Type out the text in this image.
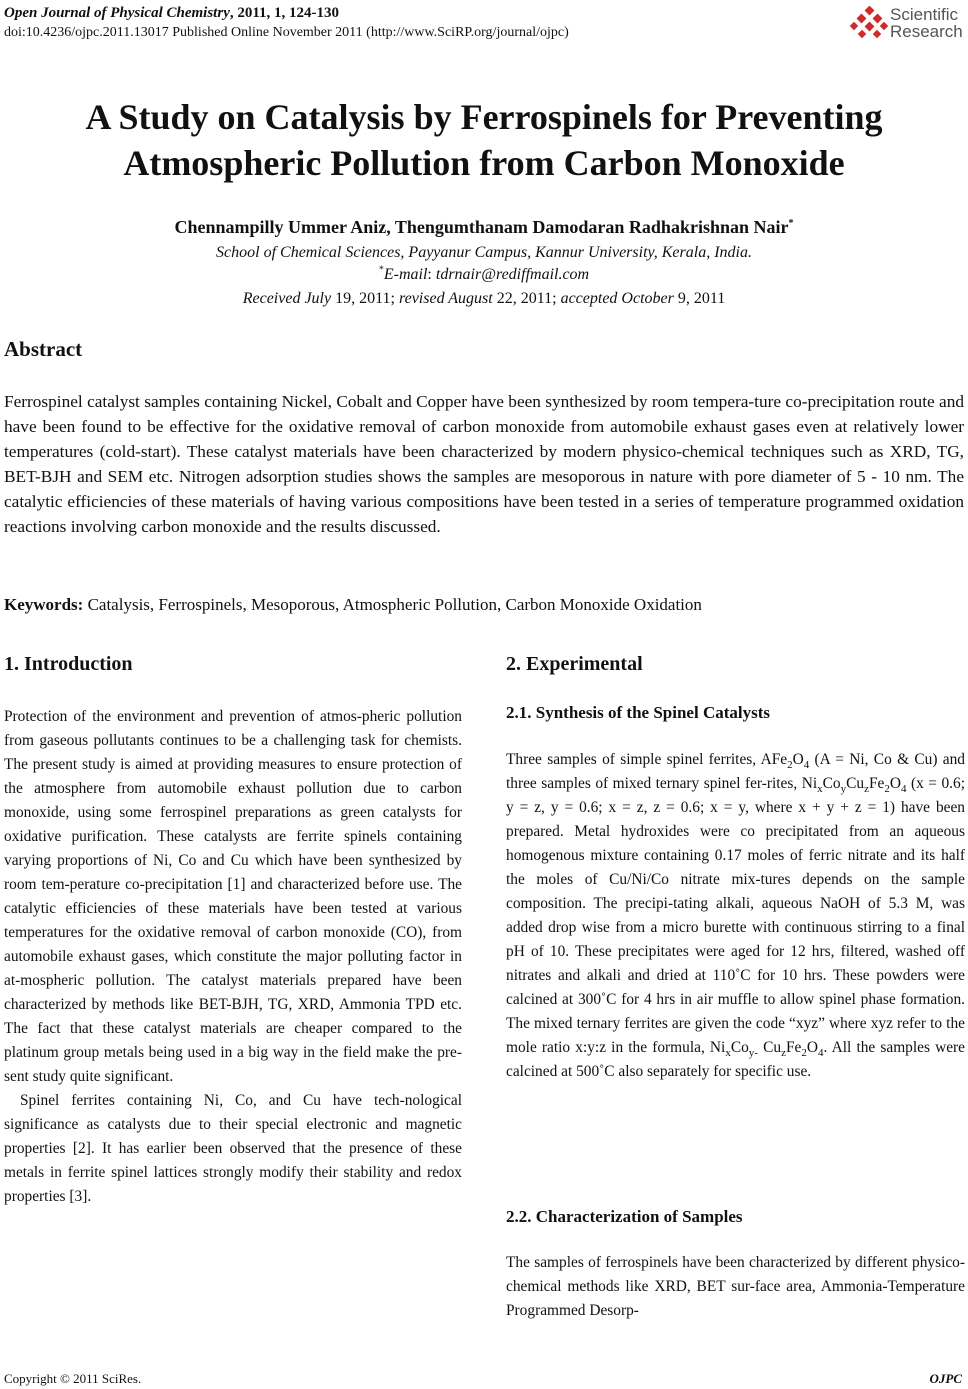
Open Journal of Physical Chemistry, 2011, 1, 124-130
doi:10.4236/ojpc.2011.13017 Published Online November 2011 (http://www.SciRP.org/journal/ojpc)
Scientific
Research
A Study on Catalysis by Ferrospinels for Preventing
Atmospheric Pollution from Carbon Monoxide
Chennampilly Ummer Aniz, Thengumthanam Damodaran Radhakrishnan Nair*
School of Chemical Sciences, Payyanur Campus, Kannur University, Kerala, India.
*E-mail: tdrnair@rediffmail.com
Received July 19, 2011; revised August 22, 2011; accepted October 9, 2011
Abstract
Ferrospinel catalyst samples containing Nickel, Cobalt and Copper have been synthesized by room tempera-ture co-precipitation route and have been found to be effective for the oxidative removal of carbon monoxide from automobile exhaust gases even at relatively lower temperatures (cold-start). These catalyst materials have been characterized by modern physico-chemical techniques such as XRD, TG, BET-BJH and SEM etc. Nitrogen adsorption studies shows the samples are mesoporous in nature with pore diameter of 5 - 10 nm. The catalytic efficiencies of these materials of having various compositions have been tested in a series of temperature programmed oxidation reactions involving carbon monoxide and the results discussed.
Keywords: Catalysis, Ferrospinels, Mesoporous, Atmospheric Pollution, Carbon Monoxide Oxidation
1. Introduction

Protection of the environment and prevention of atmos-pheric pollution from gaseous pollutants continues to be a challenging task for chemists. The present study is aimed at providing measures to ensure protection of the atmosphere from automobile exhaust pollution due to carbon monoxide, using some ferrospinel preparations as green catalysts for oxidative purification. These catalysts are ferrite spinels containing varying proportions of Ni, Co and Cu which have been synthesized by room tem-perature co-precipitation [1] and characterized before use. The catalytic efficiencies of these materials have been tested at various temperatures for the oxidative removal of carbon monoxide (CO), from automobile exhaust gases, which constitute the major polluting factor in at-mospheric pollution. The catalyst materials prepared have been characterized by methods like BET-BJH, TG, XRD, Ammonia TPD etc. The fact that these catalyst materials are cheaper compared to the platinum group metals being used in a big way in the field make the pre-sent study quite significant.

Spinel ferrites containing Ni, Co, and Cu have tech-nological significance as catalysts due to their special electronic and magnetic properties [2]. It has earlier been observed that the presence of these metals in ferrite spinel lattices strongly modify their stability and redox properties [3].

2. Experimental
2.1. Synthesis of the Spinel Catalysts
Three samples of simple spinel ferrites, $AFe_2O_4$ (A = Ni, Co & Cu) and three samples of mixed ternary spinel fer-rites, $Ni_xCo_yCu_zFe_2O_4$ (x = 0.6; y = z, y = 0.6; x = z, z = 0.6; x = y, where x + y + z = 1) have been prepared. Metal hydroxides were co precipitated from an aqueous homogenous mixture containing 0.17 moles of ferric nitrate and its half the moles of Cu/Ni/Co nitrate mix-tures depends on the sample composition. The precipi-tating alkali, aqueous NaOH of 5.3 M, was added drop wise from a micro burette with continuous stirring to a final pH of 10. These precipitates were aged for 12 hrs, filtered, washed off nitrates and alkali and dried at 110˚C for 10 hrs. These powders were calcined at 300˚C for 4 hrs in air muffle to allow spinel phase formation. The mixed ternary ferrites are given the code “xyz” where xyz refer to the mole ratio x:y:z in the formula, $Ni_xCo_{y-}$ $Cu_zFe_2O_4$. All the samples were calcined at 500˚C also separately for specific use.
2.2. Characterization of Samples
The samples of ferrospinels have been characterized by different physico-chemical methods like XRD, BET sur-face area, Ammonia-Temperature Programmed Desorp-
Copyright © 2011 SciRes.	OJPC
